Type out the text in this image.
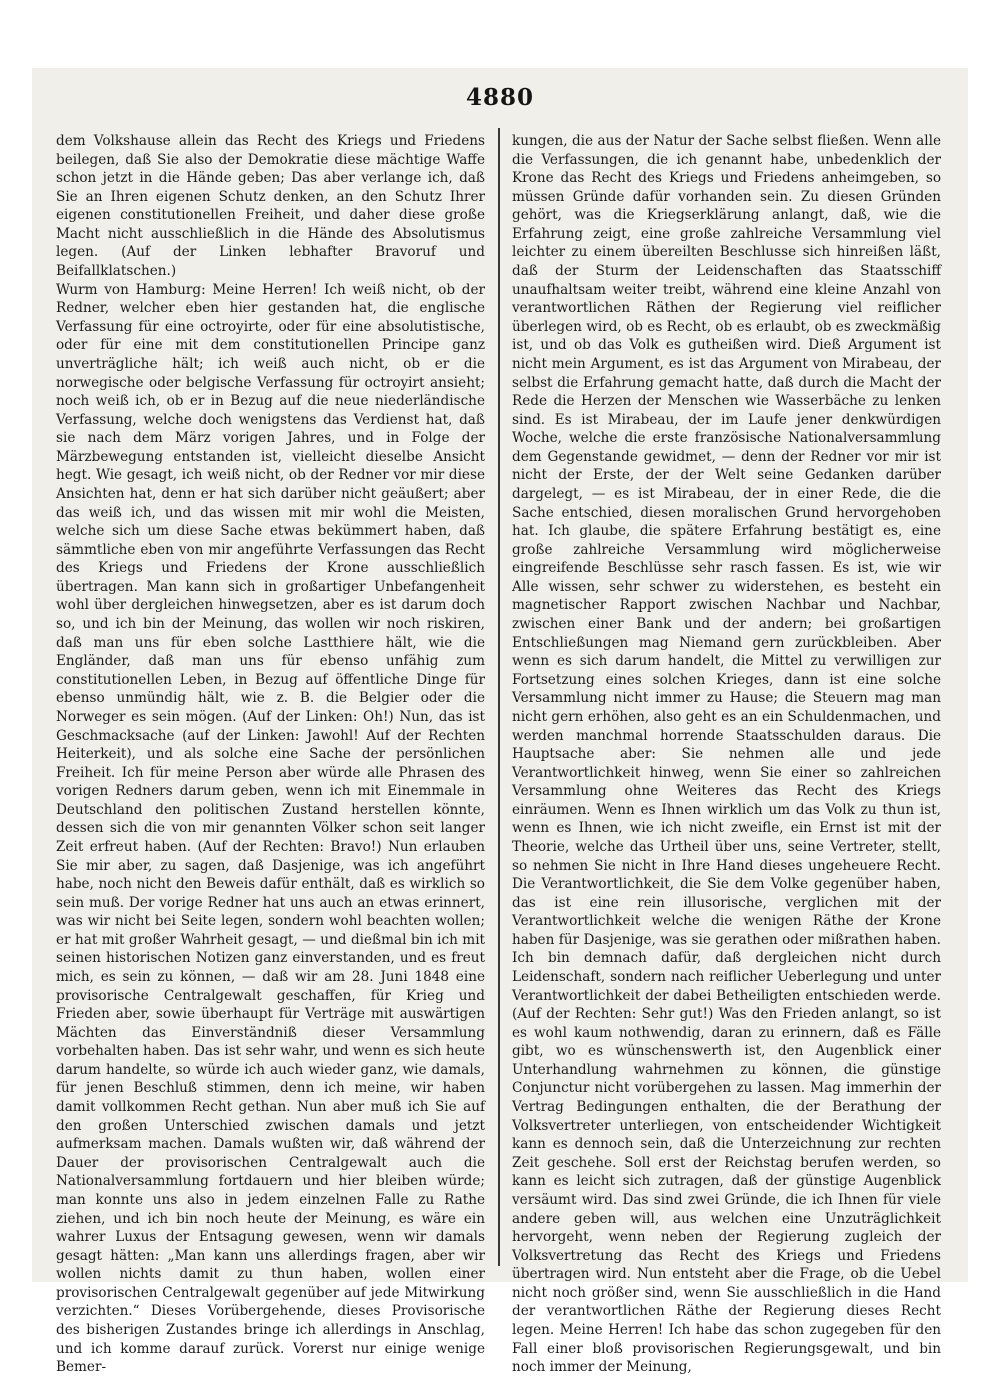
4880

dem Volkshause allein das Recht des Kriegs und Friedens beilegen, daß Sie also der Demokratie diese mächtige Waffe schon jetzt in die Hände geben; Das aber verlange ich, daß Sie an Ihren eigenen Schutz denken, an den Schutz Ihrer eigenen constitutionellen Freiheit, und daher diese große Macht nicht ausschließlich in die Hände des Absolutismus legen. (Auf der Linken lebhafter Bravoruf und Beifallklatschen.)

Wurm von Hamburg: Meine Herren! Ich weiß nicht, ob der Redner, welcher eben hier gestanden hat, die englische Verfassung für eine octroyirte, oder für eine absolutistische, oder für eine mit dem constitutionellen Principe ganz unverträgliche hält; ich weiß auch nicht, ob er die norwegische oder belgische Verfassung für octroyirt ansieht; noch weiß ich, ob er in Bezug auf die neue niederländische Verfassung, welche doch wenigstens das Verdienst hat, daß sie nach dem März vorigen Jahres, und in Folge der Märzbewegung entstanden ist, vielleicht dieselbe Ansicht hegt. Wie gesagt, ich weiß nicht, ob der Redner vor mir diese Ansichten hat, denn er hat sich darüber nicht geäußert; aber das weiß ich, und das wissen mit mir wohl die Meisten, welche sich um diese Sache etwas bekümmert haben, daß sämmtliche eben von mir angeführte Verfassungen das Recht des Kriegs und Friedens der Krone ausschließlich übertragen. Man kann sich in großartiger Unbefangenheit wohl über dergleichen hinwegsetzen, aber es ist darum doch so, und ich bin der Meinung, das wollen wir noch riskiren, daß man uns für eben solche Lastthiere hält, wie die Engländer, daß man uns für ebenso unfähig zum constitutionellen Leben, in Bezug auf öffentliche Dinge für ebenso unmündig hält, wie z. B. die Belgier oder die Norweger es sein mögen. (Auf der Linken: Oh!) Nun, das ist Geschmacksache (auf der Linken: Jawohl! Auf der Rechten Heiterkeit), und als solche eine Sache der persönlichen Freiheit. Ich für meine Person aber würde alle Phrasen des vorigen Redners darum geben, wenn ich mit Einemmale in Deutschland den politischen Zustand herstellen könnte, dessen sich die von mir genannten Völker schon seit langer Zeit erfreut haben. (Auf der Rechten: Bravo!) Nun erlauben Sie mir aber, zu sagen, daß Dasjenige, was ich angeführt habe, noch nicht den Beweis dafür enthält, daß es wirklich so sein muß. Der vorige Redner hat uns auch an etwas erinnert, was wir nicht bei Seite legen, sondern wohl beachten wollen; er hat mit großer Wahrheit gesagt, — und dießmal bin ich mit seinen historischen Notizen ganz einverstanden, und es freut mich, es sein zu können, — daß wir am 28. Juni 1848 eine provisorische Centralgewalt geschaffen, für Krieg und Frieden aber, sowie überhaupt für Verträge mit auswärtigen Mächten das Einverständniß dieser Versammlung vorbehalten haben. Das ist sehr wahr, und wenn es sich heute darum handelte, so würde ich auch wieder ganz, wie damals, für jenen Beschluß stimmen, denn ich meine, wir haben damit vollkommen Recht gethan. Nun aber muß ich Sie auf den großen Unterschied zwischen damals und jetzt aufmerksam machen. Damals wußten wir, daß während der Dauer der provisorischen Centralgewalt auch die Nationalversammlung fortdauern und hier bleiben würde; man konnte uns also in jedem einzelnen Falle zu Rathe ziehen, und ich bin noch heute der Meinung, es wäre ein wahrer Luxus der Entsagung gewesen, wenn wir damals gesagt hätten: „Man kann uns allerdings fragen, aber wir wollen nichts damit zu thun haben, wollen einer provisorischen Centralgewalt gegenüber auf jede Mitwirkung verzichten.“ Dieses Vorübergehende, dieses Provisorische des bisherigen Zustandes bringe ich allerdings in Anschlag, und ich komme darauf zurück. Vorerst nur einige wenige Bemer-

kungen, die aus der Natur der Sache selbst fließen. Wenn alle die Verfassungen, die ich genannt habe, unbedenklich der Krone das Recht des Kriegs und Friedens anheimgeben, so müssen Gründe dafür vorhanden sein. Zu diesen Gründen gehört, was die Kriegserklärung anlangt, daß, wie die Erfahrung zeigt, eine große zahlreiche Versammlung viel leichter zu einem übereilten Beschlusse sich hinreißen läßt, daß der Sturm der Leidenschaften das Staatsschiff unaufhaltsam weiter treibt, während eine kleine Anzahl von verantwortlichen Räthen der Regierung viel reiflicher überlegen wird, ob es Recht, ob es erlaubt, ob es zweckmäßig ist, und ob das Volk es gutheißen wird. Dieß Argument ist nicht mein Argument, es ist das Argument von Mirabeau, der selbst die Erfahrung gemacht hatte, daß durch die Macht der Rede die Herzen der Menschen wie Wasserbäche zu lenken sind. Es ist Mirabeau, der im Laufe jener denkwürdigen Woche, welche die erste französische Nationalversammlung dem Gegenstande gewidmet, — denn der Redner vor mir ist nicht der Erste, der der Welt seine Gedanken darüber dargelegt, — es ist Mirabeau, der in einer Rede, die die Sache entschied, diesen moralischen Grund hervorgehoben hat. Ich glaube, die spätere Erfahrung bestätigt es, eine große zahlreiche Versammlung wird möglicherweise eingreifende Beschlüsse sehr rasch fassen. Es ist, wie wir Alle wissen, sehr schwer zu widerstehen, es besteht ein magnetischer Rapport zwischen Nachbar und Nachbar, zwischen einer Bank und der andern; bei großartigen Entschließungen mag Niemand gern zurückbleiben. Aber wenn es sich darum handelt, die Mittel zu verwilligen zur Fortsetzung eines solchen Krieges, dann ist eine solche Versammlung nicht immer zu Hause; die Steuern mag man nicht gern erhöhen, also geht es an ein Schuldenmachen, und werden manchmal horrende Staatsschulden daraus. Die Hauptsache aber: Sie nehmen alle und jede Verantwortlichkeit hinweg, wenn Sie einer so zahlreichen Versammlung ohne Weiteres das Recht des Kriegs einräumen. Wenn es Ihnen wirklich um das Volk zu thun ist, wenn es Ihnen, wie ich nicht zweifle, ein Ernst ist mit der Theorie, welche das Urtheil über uns, seine Vertreter, stellt, so nehmen Sie nicht in Ihre Hand dieses ungeheuere Recht. Die Verantwortlichkeit, die Sie dem Volke gegenüber haben, das ist eine rein illusorische, verglichen mit der Verantwortlichkeit welche die wenigen Räthe der Krone haben für Dasjenige, was sie gerathen oder mißrathen haben. Ich bin demnach dafür, daß dergleichen nicht durch Leidenschaft, sondern nach reiflicher Ueberlegung und unter Verantwortlichkeit der dabei Betheiligten entschieden werde. (Auf der Rechten: Sehr gut!) Was den Frieden anlangt, so ist es wohl kaum nothwendig, daran zu erinnern, daß es Fälle gibt, wo es wünschenswerth ist, den Augenblick einer Unterhandlung wahrnehmen zu können, die günstige Conjunctur nicht vorübergehen zu lassen. Mag immerhin der Vertrag Bedingungen enthalten, die der Berathung der Volksvertreter unterliegen, von entscheidender Wichtigkeit kann es dennoch sein, daß die Unterzeichnung zur rechten Zeit geschehe. Soll erst der Reichstag berufen werden, so kann es leicht sich zutragen, daß der günstige Augenblick versäumt wird. Das sind zwei Gründe, die ich Ihnen für viele andere geben will, aus welchen eine Unzuträglichkeit hervorgeht, wenn neben der Regierung zugleich der Volksvertretung das Recht des Kriegs und Friedens übertragen wird. Nun entsteht aber die Frage, ob die Uebel nicht noch größer sind, wenn Sie ausschließlich in die Hand der verantwortlichen Räthe der Regierung dieses Recht legen. Meine Herren! Ich habe das schon zugegeben für den Fall einer bloß provisorischen Regierungsgewalt, und bin noch immer der Meinung,
